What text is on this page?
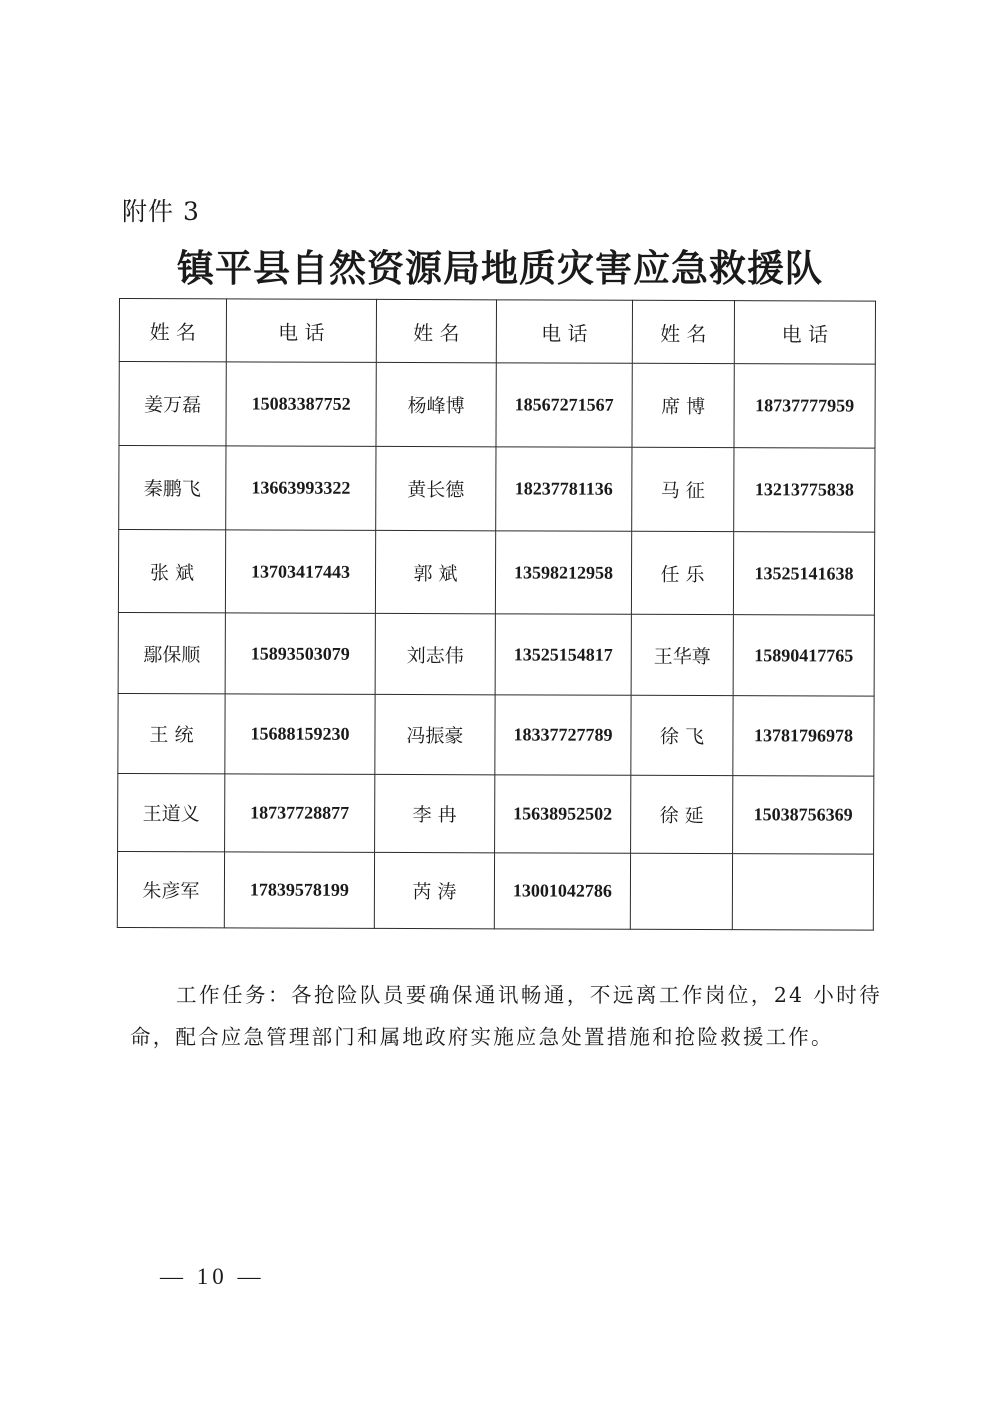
附件 3
镇平县自然资源局地质灾害应急救援队
姓 名	电 话	姓 名	电 话	姓 名	电 话
姜万磊	15083387752	杨峰博	18567271567	席 博	18737777959
秦鹏飞	13663993322	黄长德	18237781136	马 征	13213775838
张 斌	13703417443	郭 斌	13598212958	任 乐	13525141638
鄢保顺	15893503079	刘志伟	13525154817	王华尊	15890417765
王 统	15688159230	冯振豪	18337727789	徐 飞	13781796978
王道义	18737728877	李 冉	15638952502	徐 延	15038756369
朱彦军	17839578199	芮 涛	13001042786		
工作任务：各抢险队员要确保通讯畅通，不远离工作岗位，24 小时待命，配合应急管理部门和属地政府实施应急处置措施和抢险救援工作。
— 10 —
